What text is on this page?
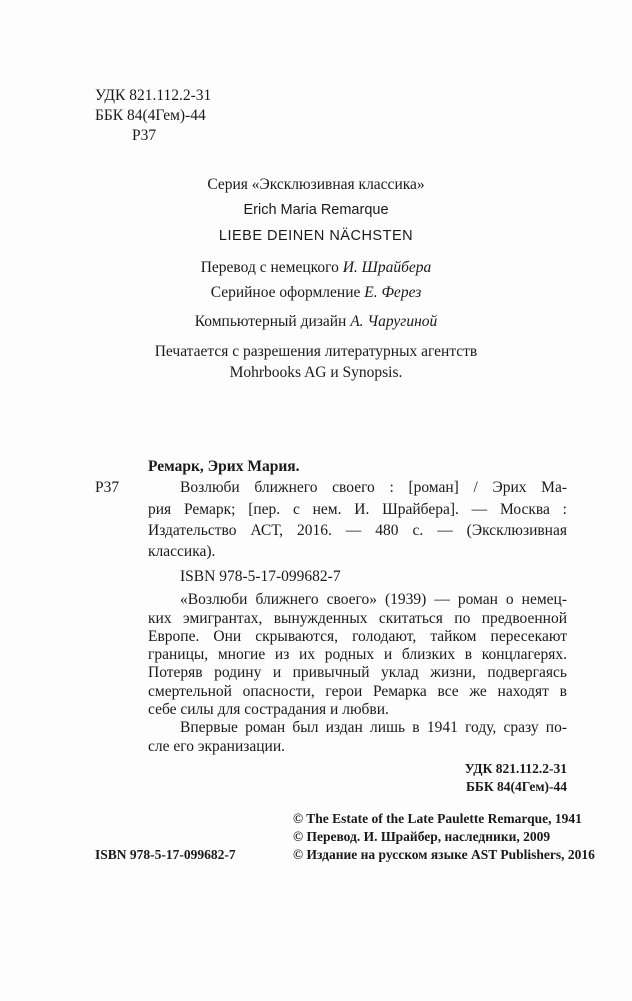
УДК 821.112.2-31
ББК 84(4Гем)-44
Р37
Серия «Эксклюзивная классика»
Erich Maria Remarque
LIEBE DEINEN NÄCHSTEN
Перевод с немецкого И. Шрайбера
Серийное оформление Е. Ферез
Компьютерный дизайн А. Чаругиной
Печатается с разрешения литературных агентств
Mohrbooks AG и Synopsis.
Ремарк, Эрих Мария.
Р37	Возлюби ближнего своего : [роман] / Эрих Ма-
рия Ремарк; [пер. с нем. И. Шрайбера]. — Москва :
Издательство АСТ, 2016. — 480 с. — (Эксклюзивная
классика).
ISBN 978-5-17-099682-7
«Возлюби ближнего своего» (1939) — роман о немец-
ких эмигрантах, вынужденных скитаться по предвоенной
Европе. Они скрываются, голодают, тайком пересекают
границы, многие из их родных и близких в концлагерях.
Потеряв родину и привычный уклад жизни, подвергаясь
смертельной опасности, герои Ремарка все же находят в
себе силы для сострадания и любви.
Впервые роман был издан лишь в 1941 году, сразу по-
сле его экранизации.
УДК 821.112.2-31
ББК 84(4Гем)-44
© The Estate of the Late Paulette Remarque, 1941
© Перевод. И. Шрайбер, наследники, 2009
© Издание на русском языке AST Publishers, 2016
ISBN 978-5-17-099682-7
